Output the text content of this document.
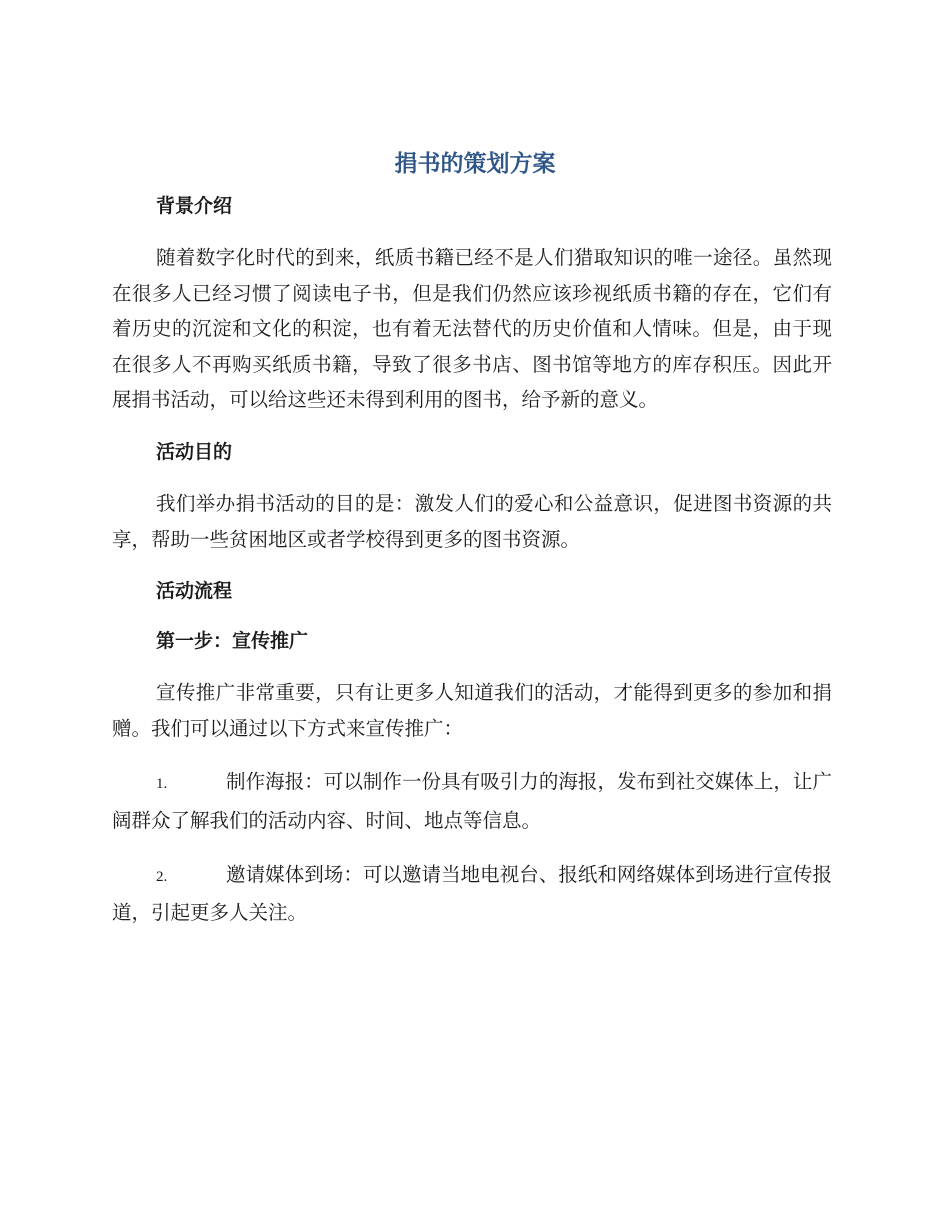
捐书的策划方案

背景介绍

随着数字化时代的到来，纸质书籍已经不是人们猎取知识的唯一途径。虽然现在很多人已经习惯了阅读电子书，但是我们仍然应该珍视纸质书籍的存在，它们有着历史的沉淀和文化的积淀，也有着无法替代的历史价值和人情味。但是，由于现在很多人不再购买纸质书籍，导致了很多书店、图书馆等地方的库存积压。因此开展捐书活动，可以给这些还未得到利用的图书，给予新的意义。

活动目的

我们举办捐书活动的目的是：激发人们的爱心和公益意识，促进图书资源的共享，帮助一些贫困地区或者学校得到更多的图书资源。

活动流程

第一步：宣传推广

宣传推广非常重要，只有让更多人知道我们的活动，才能得到更多的参加和捐赠。我们可以通过以下方式来宣传推广：

1.	制作海报：可以制作一份具有吸引力的海报，发布到社交媒体上，让广阔群众了解我们的活动内容、时间、地点等信息。

2.	邀请媒体到场：可以邀请当地电视台、报纸和网络媒体到场进行宣传报道，引起更多人关注。
